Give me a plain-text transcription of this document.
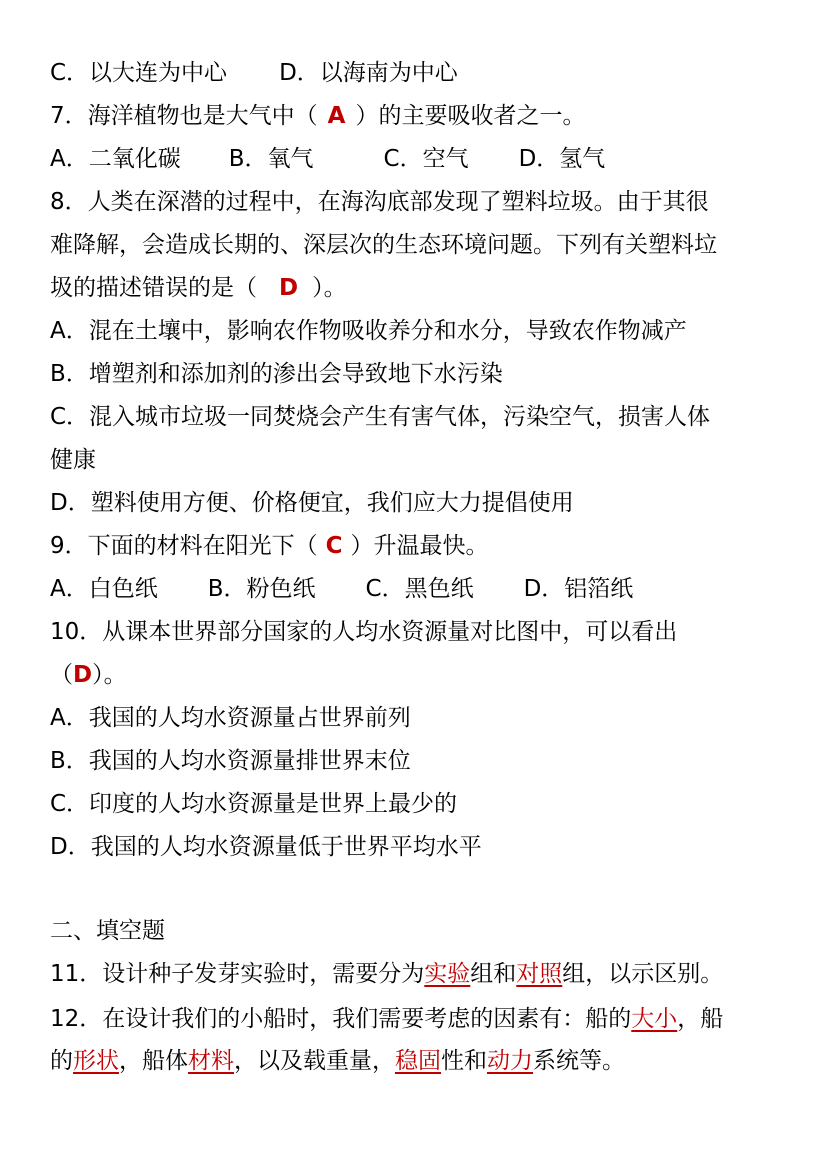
C．以大连为中心 D．以海南为中心
7．海洋植物也是大气中（ A ）的主要吸收者之一。
A．二氧化碳 B．氧气	C．空气 D．氢气
8．人类在深潜的过程中，在海沟底部发现了塑料垃圾。由于其很
难降解，会造成长期的、深层次的生态环境问题。下列有关塑料垃
圾的描述错误的是（ D ）。
A．混在土壤中，影响农作物吸收养分和水分，导致农作物减产
B．增塑剂和添加剂的渗出会导致地下水污染
C．混入城市垃圾一同焚烧会产生有害气体，污染空气，损害人体
健康
D．塑料使用方便、价格便宜，我们应大力提倡使用
9．下面的材料在阳光下（ C ）升温最快。
A．白色纸 B．粉色纸 C．黑色纸 D．铝箔纸
10．从课本世界部分国家的人均水资源量对比图中，可以看出
（D）。
A．我国的人均水资源量占世界前列
B．我国的人均水资源量排世界末位
C．印度的人均水资源量是世界上最少的
D．我国的人均水资源量低于世界平均水平
二、填空题
11．设计种子发芽实验时，需要分为实验组和对照组，以示区别。
12．在设计我们的小船时，我们需要考虑的因素有：船的大小，船
的形状，船体材料，以及载重量，稳固性和动力系统等。
